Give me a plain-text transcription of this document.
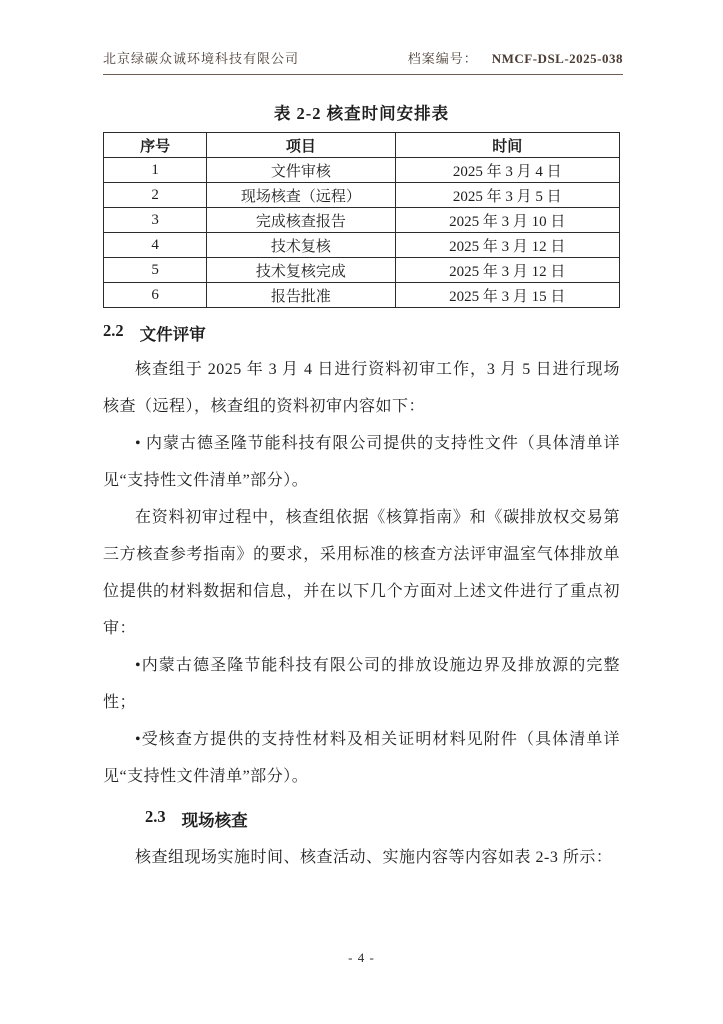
北京绿碳众诚环境科技有限公司	档案编号： NMCF-DSL-2025-038
表 2-2 核查时间安排表
序号	项目	时间
1	文件审核	2025 年 3 月 4 日
2	现场核查（远程）	2025 年 3 月 5 日
3	完成核查报告	2025 年 3 月 10 日
4	技术复核	2025 年 3 月 12 日
5	技术复核完成	2025 年 3 月 12 日
6	报告批准	2025 年 3 月 15 日
2.2 文件评审

核查组于 2025 年 3 月 4 日进行资料初审工作，3 月 5 日进行现场核查（远程），核查组的资料初审内容如下：

• 内蒙古德圣隆节能科技有限公司提供的支持性文件（具体清单详见“支持性文件清单”部分）。

在资料初审过程中，核查组依据《核算指南》和《碳排放权交易第三方核查参考指南》的要求，采用标准的核查方法评审温室气体排放单位提供的材料数据和信息，并在以下几个方面对上述文件进行了重点初审：

•内蒙古德圣隆节能科技有限公司的排放设施边界及排放源的完整性；

•受核查方提供的支持性材料及相关证明材料见附件（具体清单详见“支持性文件清单”部分）。

2.3 现场核查

核查组现场实施时间、核查活动、实施内容等内容如表 2-3 所示：

- 4 -
